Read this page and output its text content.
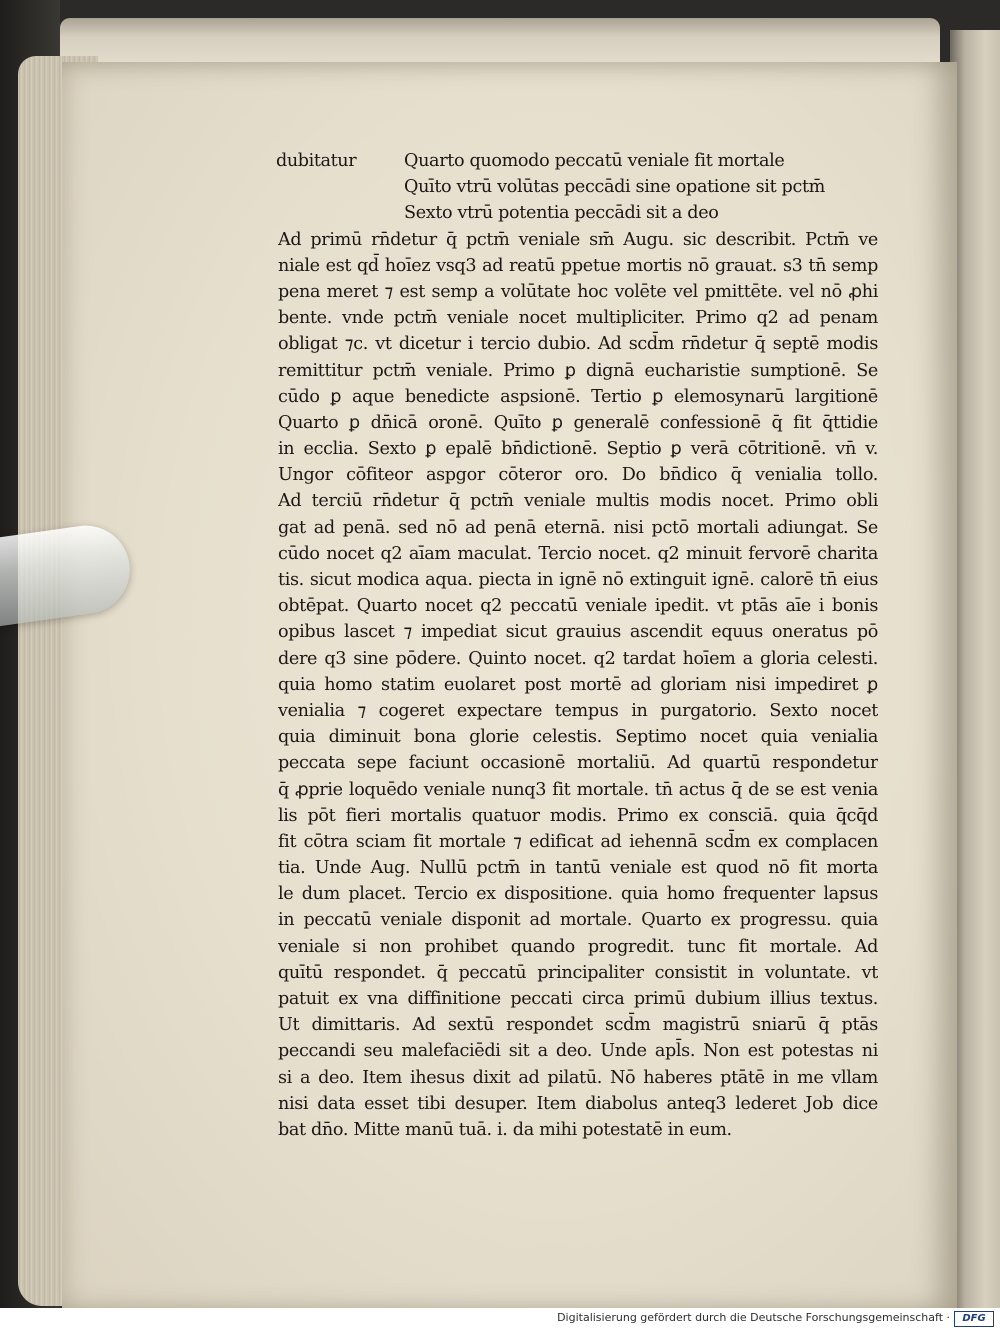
dubitatur	Quarto quomodo peccatū veniale fit mortale
Quīto vtrū volūtas peccādi sine opatione sit pctm̄
Sexto vtrū potentia peccādi sit a deo
Ad primū rn̄detur q̄ pctm̄ veniale sm̄ Augu. sic describit. Pctm̄ ve
niale est qd̄ hoīez vsq3 ad reatū ppetue mortis nō grauat. s3 tn̄ semp
pena meret ⁊ est semp a volūtate hoc volēte vel pmittēte. vel nō ꝓhi
bente. vnde pctm̄ veniale nocet multipliciter. Primo q2 ad penam
obligat ⁊c. vt dicetur i tercio dubio. Ad scd̄m rn̄detur q̄ septē modis
remittitur pctm̄ veniale. Primo ꝑ dignā eucharistie sumptionē. Se
cūdo ꝑ aque benedicte aspsionē. Tertio ꝑ elemosynarū largitionē
Quarto ꝑ dn̄icā oronē. Quīto ꝑ generalē confessionē q̄ fit q̄ttidie
in ecclia. Sexto ꝑ epalē bn̄dictionē. Septio ꝑ verā cōtritionē. vn̄ v.
Ungor cōfiteor aspgor cōteror oro. Do bn̄dico q̄ venialia tollo.
Ad terciū rn̄detur q̄ pctm̄ veniale multis modis nocet. Primo obli
gat ad penā. sed nō ad penā eternā. nisi pctō mortali adiungat. Se
cūdo nocet q2 aīam maculat. Tercio nocet. q2 minuit fervorē charita
tis. sicut modica aqua. piecta in ignē nō extinguit ignē. calorē tn̄ eius
obtēpat. Quarto nocet q2 peccatū veniale ipedit. vt ptās aīe i bonis
opibus lascet ⁊ impediat sicut grauius ascendit equus oneratus pō
dere q3 sine pōdere. Quinto nocet. q2 tardat hoīem a gloria celesti.
quia homo statim euolaret post mortē ad gloriam nisi impediret ꝑ
venialia ⁊ cogeret expectare tempus in purgatorio. Sexto nocet
quia diminuit bona glorie celestis. Septimo nocet quia venialia
peccata sepe faciunt occasionē mortaliū. Ad quartū respondetur
q̄ ꝓprie loquēdo veniale nunq3 fit mortale. tn̄ actus q̄ de se est venia
lis pōt fieri mortalis quatuor modis. Primo ex consciā. quia q̄cq̄d
fit cōtra sciam fit mortale ⁊ edificat ad iehennā scd̄m ex complacen
tia. Unde Aug. Nullū pctm̄ in tantū veniale est quod nō fit morta
le dum placet. Tercio ex dispositione. quia homo frequenter lapsus
in peccatū veniale disponit ad mortale. Quarto ex progressu. quia
veniale si non prohibet quando progredit. tunc fit mortale. Ad
quītū respondet. q̄ peccatū principaliter consistit in voluntate. vt
patuit ex vna diffinitione peccati circa primū dubium illius textus.
Ut dimittaris. Ad sextū respondet scd̄m magistrū sniarū q̄ ptās
peccandi seu malefaciēdi sit a deo. Unde apl̄s. Non est potestas ni
si a deo. Item ihesus dixit ad pilatū. Nō haberes ptātē in me vllam
nisi data esset tibi desuper. Item diabolus anteq3 lederet Job dice
bat dn̄o. Mitte manū tuā. i. da mihi potestatē in eum.
Digitalisierung gefördert durch die Deutsche Forschungsgemeinschaft ·	DFG
